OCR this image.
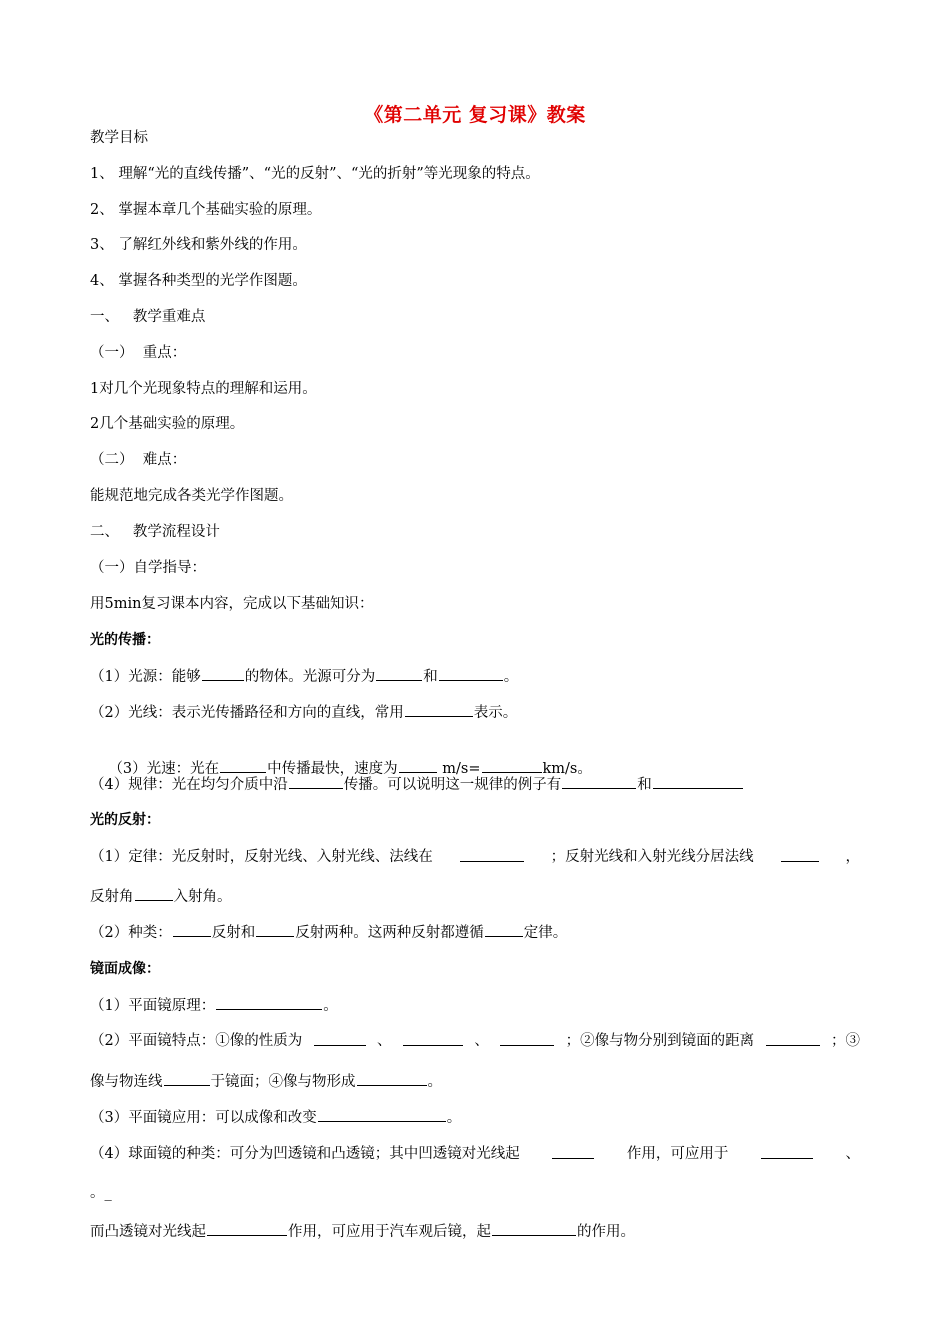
《第二单元 复习课》教案
教学目标
1、 理解“光的直线传播”、“光的反射”、“光的折射”等光现象的特点。
2、 掌握本章几个基础实验的原理。
3、 了解红外线和紫外线的作用。
4、 掌握各种类型的光学作图题。
一、   教学重难点
（一）  重点：
1对几个光现象特点的理解和运用。
2几个基础实验的原理。
（二）  难点：
能规范地完成各类光学作图题。
二、   教学流程设计
（一）自学指导：
用5min复习课本内容，完成以下基础知识：
光的传播：
（1）光源：能够	的物体。光源可分为	和	。
（2）光线：表示光传播路径和方向的直线，常用	表示。

（3）光速：光在	中传播最快，速度为	m/s=	km/s。

（4）规律：光在均匀介质中沿	传播。可以说明这一规律的例子有	和
光的反射：
（1）定律：光反射时，反射光线、入射光线、法线在	；反射光线和入射光线分居法线	，
反射角	入射角。
（2）种类：	反射和	反射两种。这两种反射都遵循	定律。
镜面成像：
（1）平面镜原理：	。
（2）平面镜特点：①像的性质为	、	、	；②像与物分别到镜面的距离	；③
像与物连线	于镜面；④像与物形成	。
（3）平面镜应用：可以成像和改变	。
（4）球面镜的种类：可分为凹透镜和凸透镜；其中凹透镜对光线起	作用，可应用于	、
。_
而凸透镜对光线起	作用，可应用于汽车观后镜，起	的作用。
